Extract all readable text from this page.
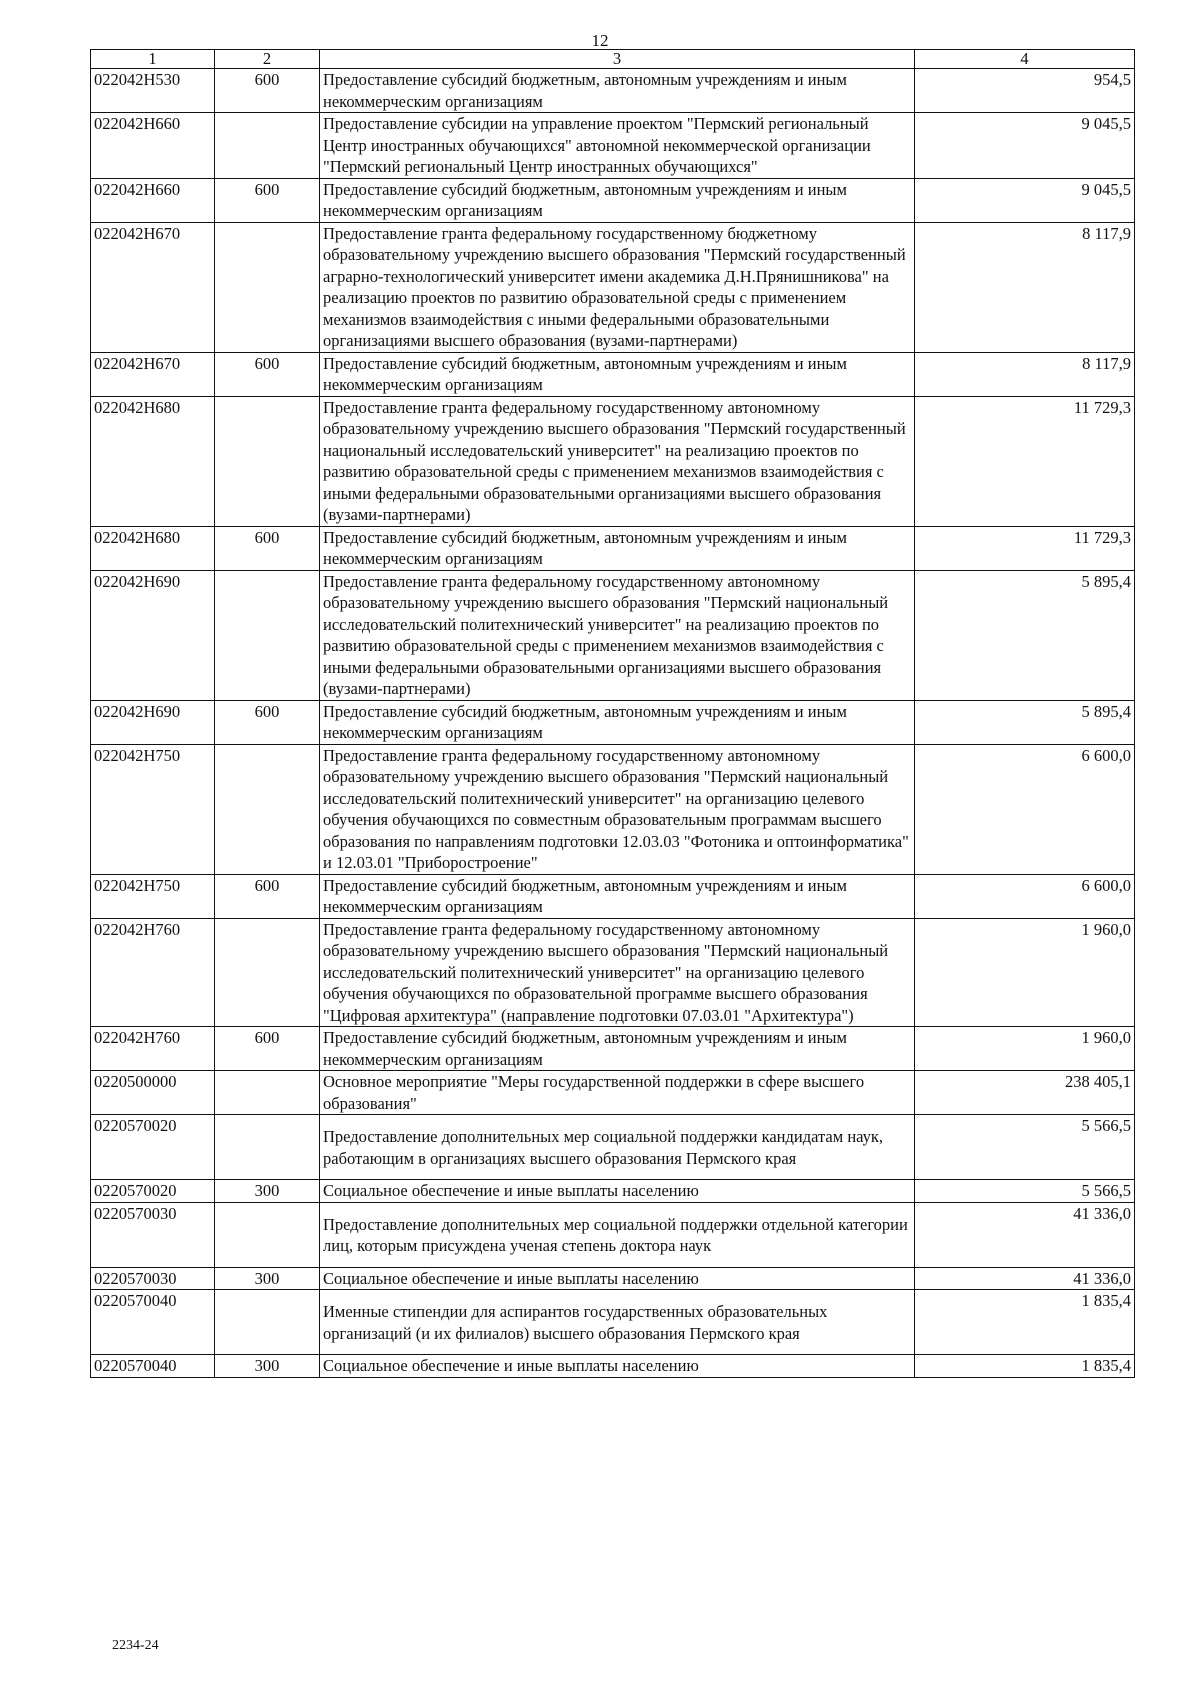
12
1	2	3	4
022042Н530	600	Предоставление субсидий бюджетным, автономным учреждениям и иным некоммерческим организациям	954,5
022042Н660		Предоставление субсидии на управление проектом "Пермский региональный Центр иностранных обучающихся" автономной некоммерческой организации "Пермский региональный Центр иностранных обучающихся"	9 045,5
022042Н660	600	Предоставление субсидий бюджетным, автономным учреждениям и иным некоммерческим организациям	9 045,5
022042Н670		Предоставление гранта федеральному государственному бюджетному образовательному учреждению высшего образования "Пермский государственный аграрно-технологический университет имени академика Д.Н.Прянишникова" на реализацию проектов по развитию образовательной среды с применением механизмов взаимодействия с иными федеральными образовательными организациями высшего образования (вузами-партнерами)	8 117,9
022042Н670	600	Предоставление субсидий бюджетным, автономным учреждениям и иным некоммерческим организациям	8 117,9
022042Н680		Предоставление гранта федеральному государственному автономному образовательному учреждению высшего образования "Пермский государственный национальный исследовательский университет" на реализацию проектов по развитию образовательной среды с применением механизмов взаимодействия с иными федеральными образовательными организациями высшего образования (вузами-партнерами)	11 729,3
022042Н680	600	Предоставление субсидий бюджетным, автономным учреждениям и иным некоммерческим организациям	11 729,3
022042Н690		Предоставление гранта федеральному государственному автономному образовательному учреждению высшего образования "Пермский национальный исследовательский политехнический университет" на реализацию проектов по развитию образовательной среды с применением механизмов взаимодействия с иными федеральными образовательными организациями высшего образования (вузами-партнерами)	5 895,4
022042Н690	600	Предоставление субсидий бюджетным, автономным учреждениям и иным некоммерческим организациям	5 895,4
022042Н750		Предоставление гранта федеральному государственному автономному образовательному учреждению высшего образования "Пермский национальный исследовательский политехнический университет" на организацию целевого обучения обучающихся по совместным образовательным программам высшего образования по направлениям подготовки 12.03.03 "Фотоника и оптоинформатика" и 12.03.01 "Приборостроение"	6 600,0
022042Н750	600	Предоставление субсидий бюджетным, автономным учреждениям и иным некоммерческим организациям	6 600,0
022042Н760		Предоставление гранта федеральному государственному автономному образовательному учреждению высшего образования "Пермский национальный исследовательский политехнический университет" на организацию целевого обучения обучающихся по образовательной программе высшего образования "Цифровая архитектура" (направление подготовки 07.03.01 "Архитектура")	1 960,0
022042Н760	600	Предоставление субсидий бюджетным, автономным учреждениям и иным некоммерческим организациям	1 960,0
0220500000		Основное мероприятие "Меры государственной поддержки в сфере высшего образования"	238 405,1
0220570020		Предоставление дополнительных мер социальной поддержки кандидатам наук, работающим в организациях высшего образования Пермского края	5 566,5
0220570020	300	Социальное обеспечение и иные выплаты населению	5 566,5
0220570030		Предоставление дополнительных мер социальной поддержки отдельной категории лиц, которым присуждена ученая степень доктора наук	41 336,0
0220570030	300	Социальное обеспечение и иные выплаты населению	41 336,0
0220570040		Именные стипендии для аспирантов государственных образовательных организаций (и их филиалов) высшего образования Пермского края	1 835,4
0220570040	300	Социальное обеспечение и иные выплаты населению	1 835,4
2234-24
